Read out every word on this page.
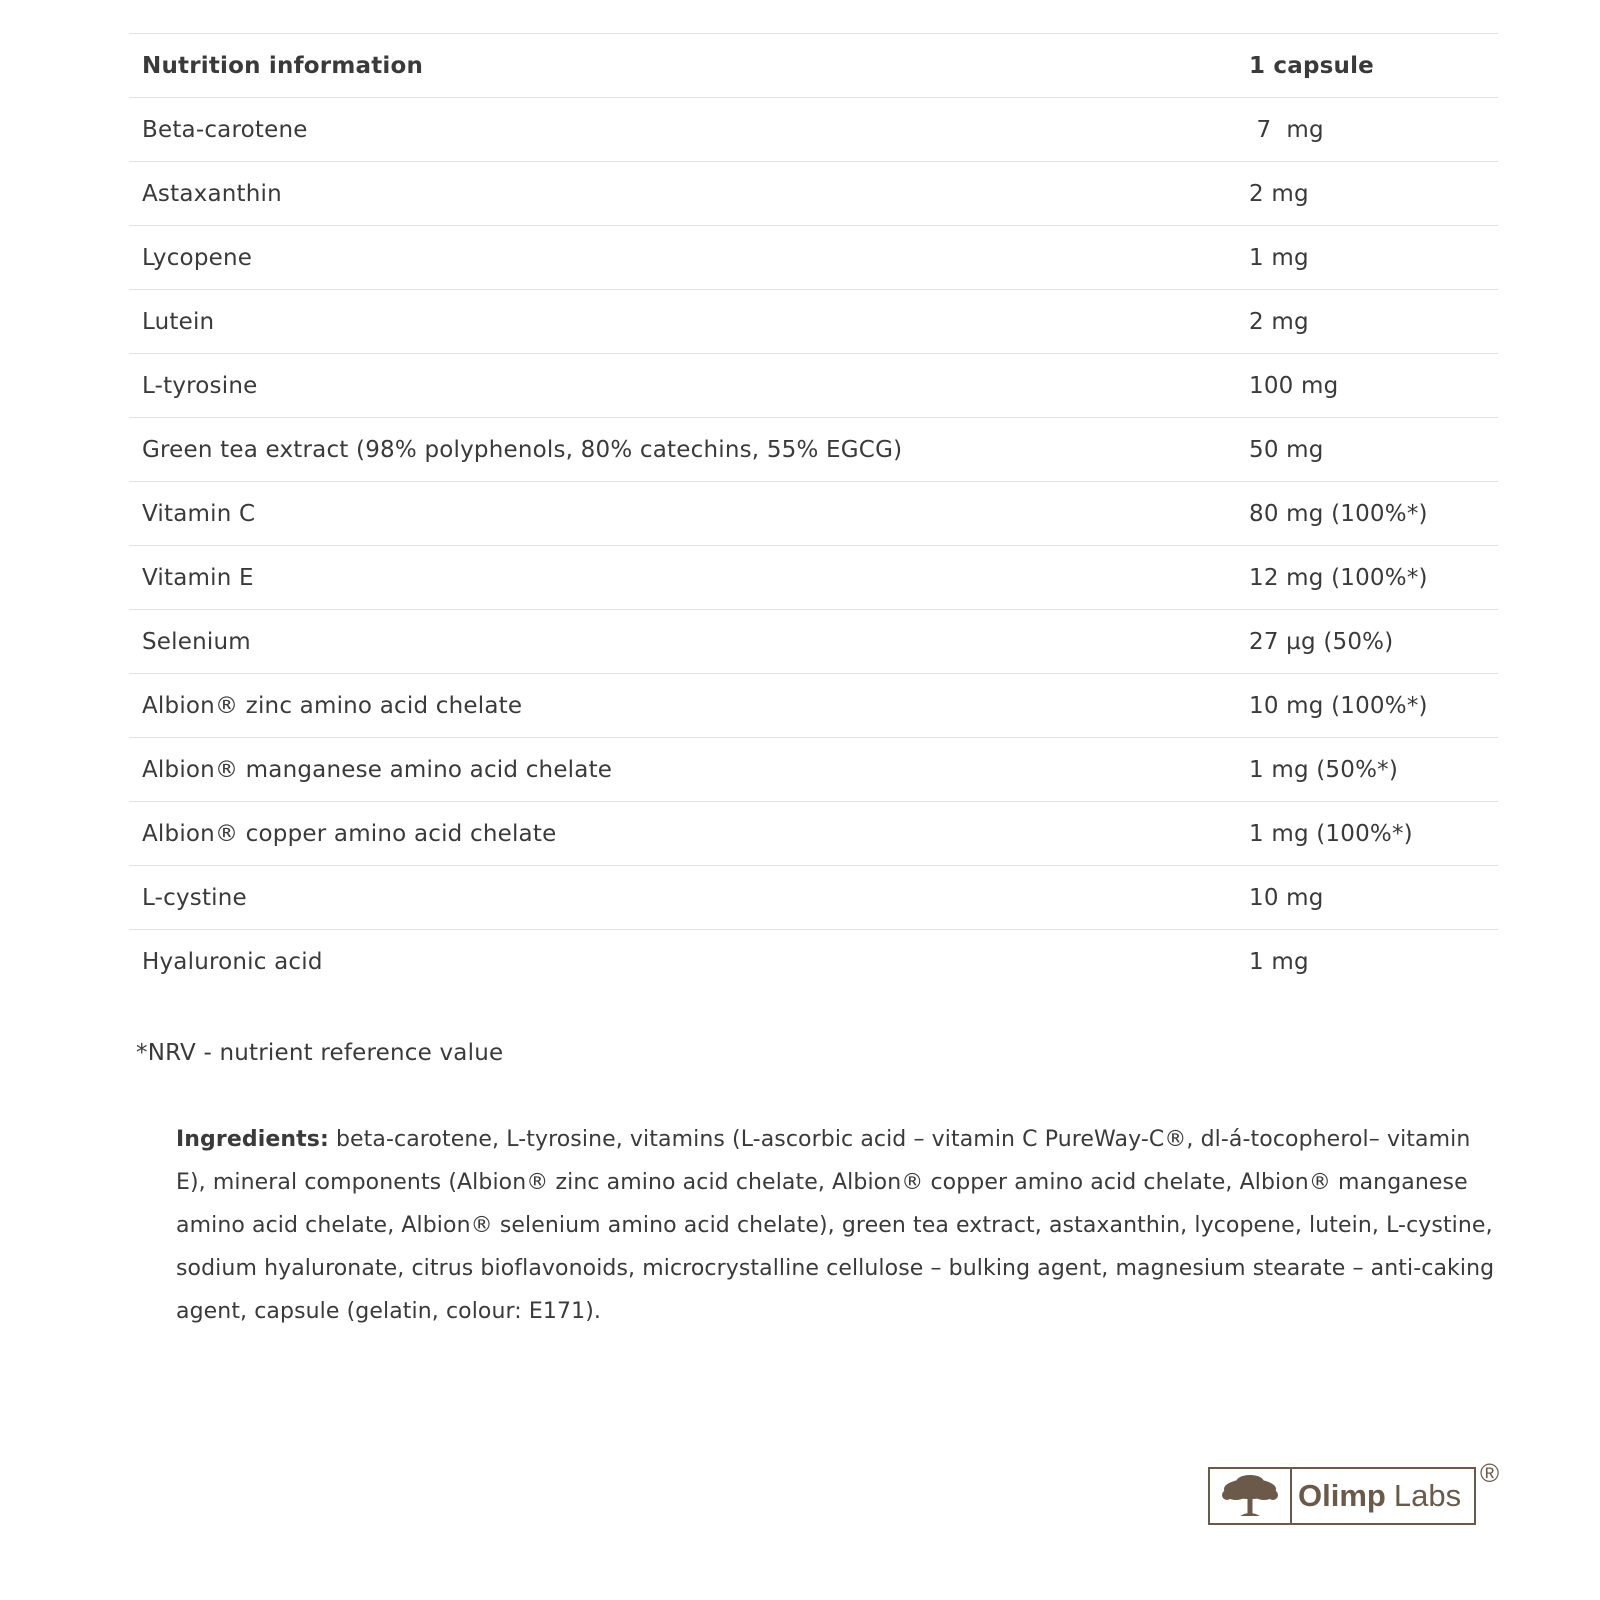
Nutrition information	1 capsule
Beta-carotene	7  mg
Astaxanthin	2 mg
Lycopene	1 mg
Lutein	2 mg
L-tyrosine	100 mg
Green tea extract (98% polyphenols, 80% catechins, 55% EGCG)	50 mg
Vitamin C	80 mg (100%*)
Vitamin E	12 mg (100%*)
Selenium	27 µg (50%)
Albion® zinc amino acid chelate	10 mg (100%*)
Albion® manganese amino acid chelate	1 mg (50%*)
Albion® copper amino acid chelate	1 mg (100%*)
L-cystine	10 mg
Hyaluronic acid	1 mg
*NRV - nutrient reference value
Ingredients: beta-carotene, L-tyrosine, vitamins (L-ascorbic acid – vitamin C PureWay-C®, dl-á-tocopherol– vitamin E), mineral components (Albion® zinc amino acid chelate, Albion® copper amino acid chelate, Albion® manganese amino acid chelate, Albion® selenium amino acid chelate), green tea extract, astaxanthin, lycopene, lutein, L-cystine, sodium hyaluronate, citrus bioflavonoids, microcrystalline cellulose – bulking agent, magnesium stearate – anti-caking agent, capsule (gelatin, colour: E171).
Olimp Labs
®
